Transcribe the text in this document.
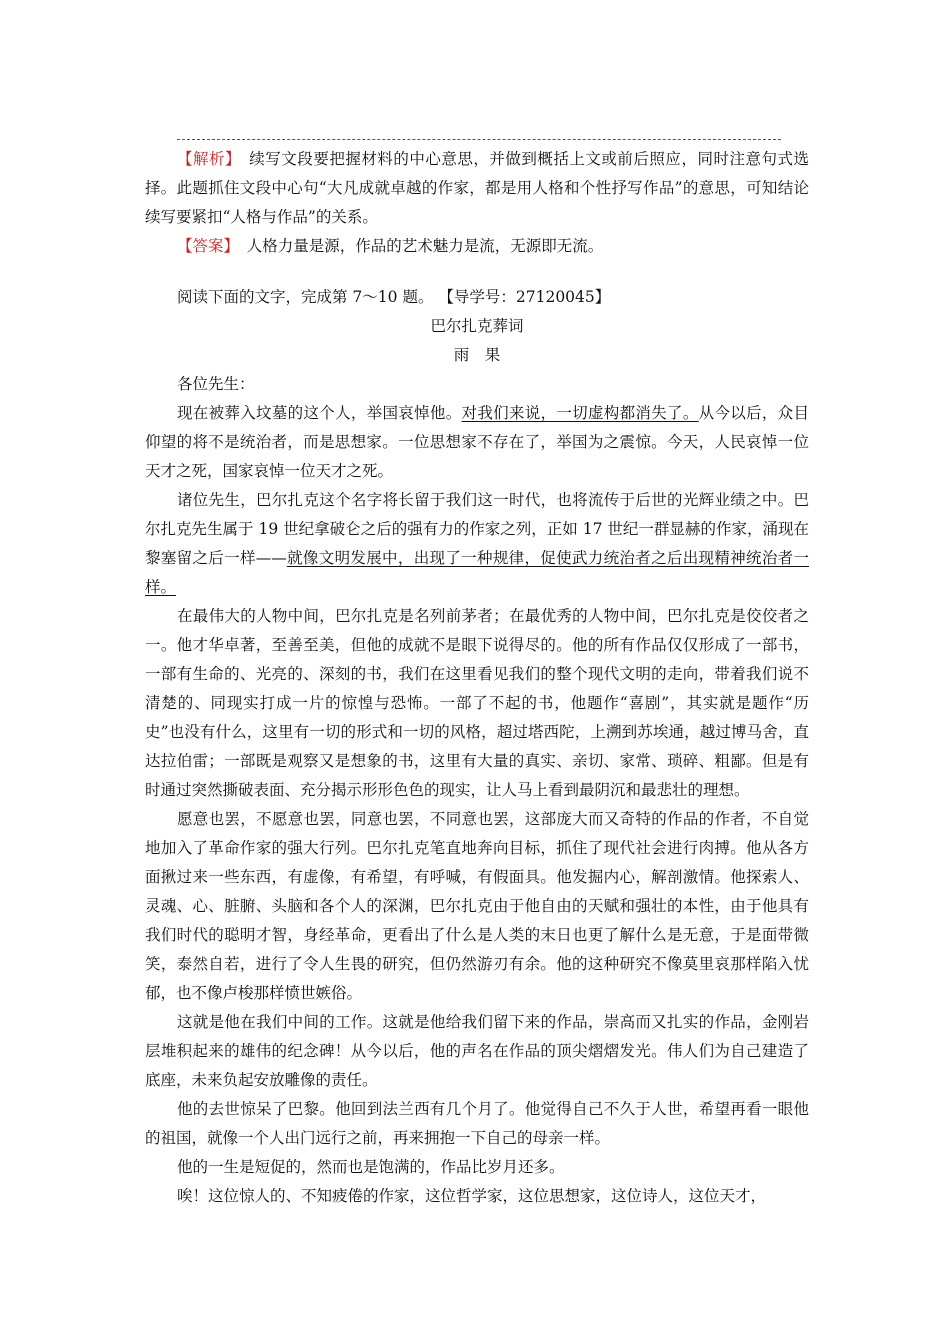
【解析】　 续写文段要把握材料的中心意思，并做到概括上文或前后照应，同时注意句式选择。此题抓住文段中心句“大凡成就卓越的作家，都是用人格和个性抒写作品”的意思，可知结论续写要紧扣“人格与作品”的关系。

【答案】　 人格力量是源，作品的艺术魅力是流，无源即无流。

阅读下面的文字，完成第 7～10 题。 【导学号：27120045】

巴尔扎克葬词
雨　果

各位先生：

现在被葬入坟墓的这个人，举国哀悼他。对我们来说，一切虚构都消失了。从今以后，众目仰望的将不是统治者，而是思想家。一位思想家不存在了，举国为之震惊。今天，人民哀悼一位天才之死，国家哀悼一位天才之死。

诸位先生，巴尔扎克这个名字将长留于我们这一时代，也将流传于后世的光辉业绩之中。巴尔扎克先生属于 19 世纪拿破仑之后的强有力的作家之列，正如 17 世纪一群显赫的作家，涌现在黎塞留之后一样——就像文明发展中，出现了一种规律，促使武力统治者之后出现精神统治者一样。

在最伟大的人物中间，巴尔扎克是名列前茅者；在最优秀的人物中间，巴尔扎克是佼佼者之一。他才华卓著，至善至美，但他的成就不是眼下说得尽的。他的所有作品仅仅形成了一部书，一部有生命的、光亮的、深刻的书，我们在这里看见我们的整个现代文明的走向，带着我们说不清楚的、同现实打成一片的惊惶与恐怖。一部了不起的书，他题作“喜剧”，其实就是题作“历史”也没有什么，这里有一切的形式和一切的风格，超过塔西陀，上溯到苏埃通，越过博马舍，直达拉伯雷；一部既是观察又是想象的书，这里有大量的真实、亲切、家常、琐碎、粗鄙。但是有时通过突然撕破表面、充分揭示形形色色的现实，让人马上看到最阴沉和最悲壮的理想。

愿意也罢，不愿意也罢，同意也罢，不同意也罢，这部庞大而又奇特的作品的作者，不自觉地加入了革命作家的强大行列。巴尔扎克笔直地奔向目标，抓住了现代社会进行肉搏。他从各方面揪过来一些东西，有虚像，有希望，有呼喊，有假面具。他发掘内心，解剖激情。他探索人、灵魂、心、脏腑、头脑和各个人的深渊，巴尔扎克由于他自由的天赋和强壮的本性，由于他具有我们时代的聪明才智，身经革命，更看出了什么是人类的末日也更了解什么是无意，于是面带微笑，泰然自若，进行了令人生畏的研究，但仍然游刃有余。他的这种研究不像莫里哀那样陷入忧郁，也不像卢梭那样愤世嫉俗。

这就是他在我们中间的工作。这就是他给我们留下来的作品，崇高而又扎实的作品，金刚岩层堆积起来的雄伟的纪念碑！从今以后，他的声名在作品的顶尖熠熠发光。伟人们为自己建造了底座，未来负起安放雕像的责任。

他的去世惊呆了巴黎。他回到法兰西有几个月了。他觉得自己不久于人世，希望再看一眼他的祖国，就像一个人出门远行之前，再来拥抱一下自己的母亲一样。

他的一生是短促的，然而也是饱满的，作品比岁月还多。

唉！这位惊人的、不知疲倦的作家，这位哲学家，这位思想家，这位诗人，这位天才，
